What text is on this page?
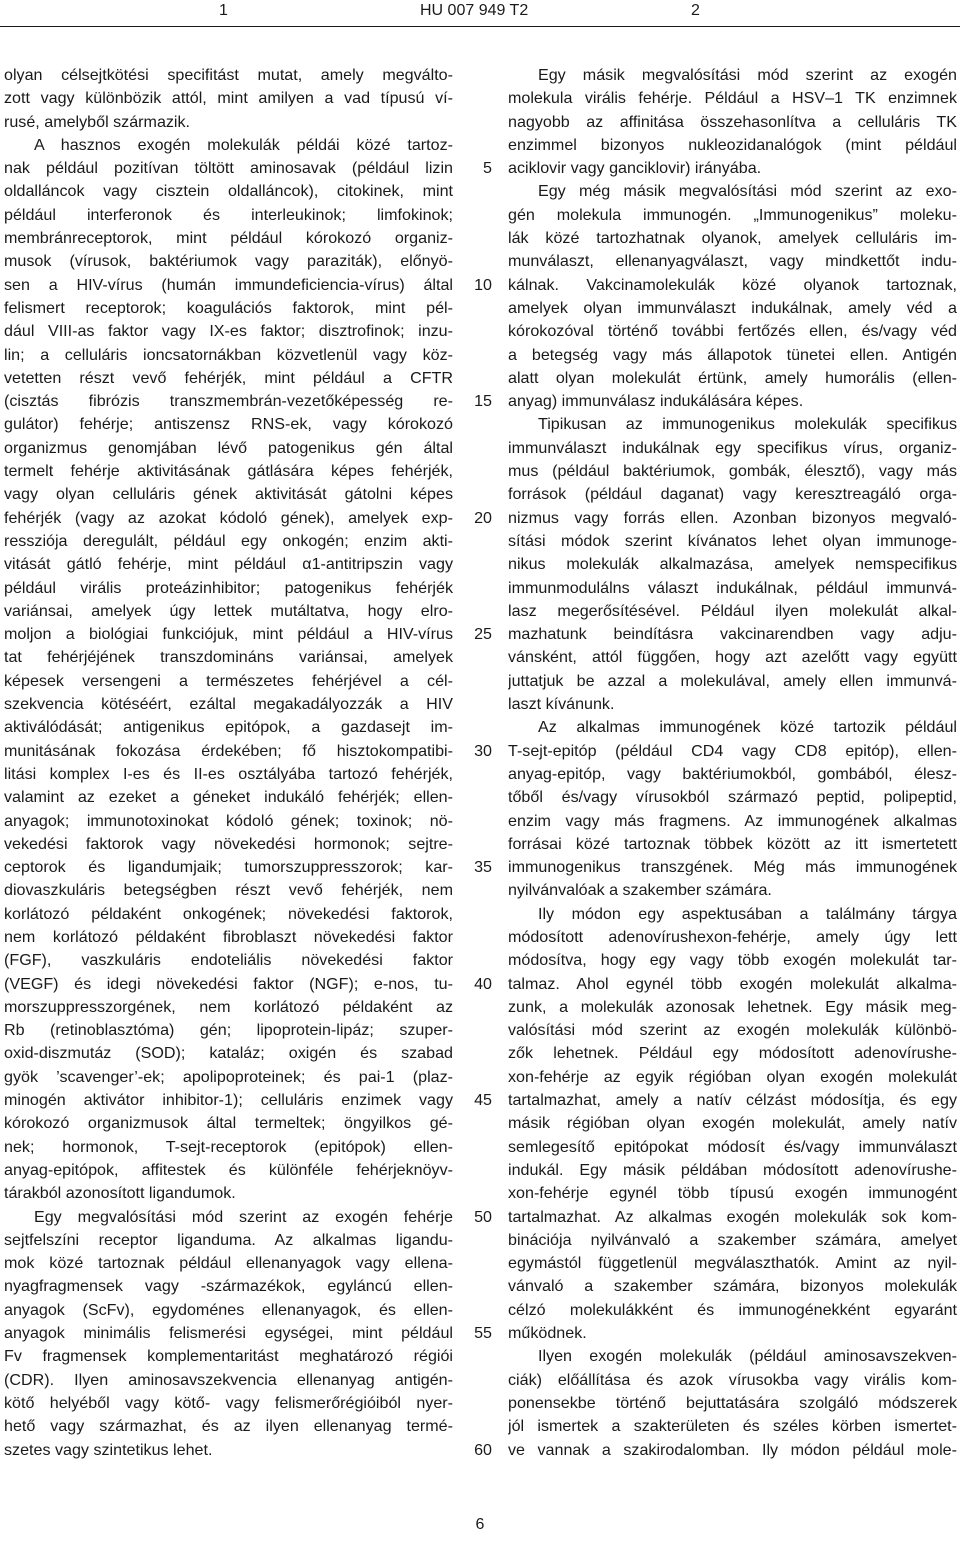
1	HU 007 949 T2	2
olyan célsejtkötési specifitást mutat, amely megválto-
zott vagy különbözik attól, mint amilyen a vad típusú ví-
rusé, amelyből származik.
A hasznos exogén molekulák példái közé tartoz-
nak például pozitívan töltött aminosavak (például lizin
oldalláncok vagy cisztein oldalláncok), citokinek, mint
például interferonok és interleukinok; limfokinok;
membránreceptorok, mint például kórokozó organiz-
musok (vírusok, baktériumok vagy paraziták), előnyö-
sen a HIV-vírus (humán immundeficiencia-vírus) által
felismert receptorok; koagulációs faktorok, mint pél-
dául VIII-as faktor vagy IX-es faktor; disztrofinok; inzu-
lin; a celluláris ioncsatornákban közvetlenül vagy köz-
vetetten részt vevő fehérjék, mint például a CFTR
(cisztás fibrózis transzmembrán-vezetőképesség re-
gulátor) fehérje; antiszensz RNS-ek, vagy kórokozó
organizmus genomjában lévő patogenikus gén által
termelt fehérje aktivitásának gátlására képes fehérjék,
vagy olyan celluláris gének aktivitását gátolni képes
fehérjék (vagy az azokat kódoló gének), amelyek exp-
ressziója deregulált, például egy onkogén; enzim akti-
vitását gátló fehérje, mint például α1-antitripszin vagy
például virális proteázinhibitor; patogenikus fehérjék
variánsai, amelyek úgy lettek mutáltatva, hogy elro-
moljon a biológiai funkciójuk, mint például a HIV-vírus
tat fehérjéjének transzdomináns variánsai, amelyek
képesek versengeni a természetes fehérjével a cél-
szekvencia kötéséért, ezáltal megakadályozzák a HIV
aktiválódását; antigenikus epitópok, a gazdasejt im-
munitásának fokozása érdekében; fő hisztokompatibi-
litási komplex I-es és II-es osztályába tartozó fehérjék,
valamint az ezeket a géneket indukáló fehérjék; ellen-
anyagok; immunotoxinokat kódoló gének; toxinok; nö-
vekedési faktorok vagy növekedési hormonok; sejtre-
ceptorok és ligandumjaik; tumorszuppresszorok; kar-
diovaszkuláris betegségben részt vevő fehérjék, nem
korlátozó példaként onkogének; növekedési faktorok,
nem korlátozó példaként fibroblaszt növekedési faktor
(FGF), vaszkuláris endoteliális növekedési faktor
(VEGF) és idegi növekedési faktor (NGF); e-nos, tu-
morszuppresszorgének, nem korlátozó példaként az
Rb (retinoblasztóma) gén; lipoprotein-lipáz; szuper-
oxid-diszmutáz (SOD); kataláz; oxigén és szabad
gyök ’scavenger’-ek; apolipoproteinek; és pai-1 (plaz-
minogén aktivátor inhibitor-1); celluláris enzimek vagy
kórokozó organizmusok által termeltek; öngyilkos gé-
nek; hormonok, T-sejt-receptorok (epitópok) ellen-
anyag-epitópok, affitestek és különféle fehérjeknöyv-
tárakból azonosított ligandumok.
Egy megvalósítási mód szerint az exogén fehérje
sejtfelszíni receptor liganduma. Az alkalmas ligandu-
mok közé tartoznak például ellenanyagok vagy ellena-
nyagfragmensek vagy -származékok, egyláncú ellen-
anyagok (ScFv), egydoménes ellenanyagok, és ellen-
anyagok minimális felismerési egységei, mint például
Fv fragmensek komplementaritást meghatározó régiói
(CDR). Ilyen aminosavszekvencia ellenanyag antigén-
kötő helyéből vagy kötő- vagy felismerőrégióiból nyer-
hető vagy származhat, és az ilyen ellenanyag termé-
szetes vagy szintetikus lehet.
5
10
15
20
25
30
35
40
45
50
55
60
Egy másik megvalósítási mód szerint az exogén
molekula virális fehérje. Például a HSV–1 TK enzimnek
nagyobb az affinitása összehasonlítva a celluláris TK
enzimmel bizonyos nukleozidanalógok (mint például
aciklovir vagy ganciklovir) irányába.
Egy még másik megvalósítási mód szerint az exo-
gén molekula immunogén. „Immunogenikus” moleku-
lák közé tartozhatnak olyanok, amelyek celluláris im-
munválaszt, ellenanyagválaszt, vagy mindkettőt indu-
kálnak. Vakcinamolekulák közé olyanok tartoznak,
amelyek olyan immunválaszt indukálnak, amely véd a
kórokozóval történő további fertőzés ellen, és/vagy véd
a betegség vagy más állapotok tünetei ellen. Antigén
alatt olyan molekulát értünk, amely humorális (ellen-
anyag) immunválasz indukálására képes.
Tipikusan az immunogenikus molekulák specifikus
immunválaszt indukálnak egy specifikus vírus, organiz-
mus (például baktériumok, gombák, élesztő), vagy más
források (például daganat) vagy keresztreagáló orga-
nizmus vagy forrás ellen. Azonban bizonyos megvaló-
sítási módok szerint kívánatos lehet olyan immunoge-
nikus molekulák alkalmazása, amelyek nemspecifikus
immunmodulálns választ indukálnak, például immunvá-
lasz megerősítésével. Például ilyen molekulát alkal-
mazhatunk beindításra vakcinarendben vagy adju-
vánsként, attól függően, hogy azt azelőtt vagy együtt
juttatjuk be azzal a molekulával, amely ellen immunvá-
laszt kívánunk.
Az alkalmas immunogének közé tartozik például
T-sejt-epitóp (például CD4 vagy CD8 epitóp), ellen-
anyag-epitóp, vagy baktériumokból, gombából, élesz-
tőből és/vagy vírusokból származó peptid, polipeptid,
enzim vagy más fragmens. Az immunogének alkalmas
forrásai közé tartoznak többek között az itt ismertetett
immunogenikus transzgének. Még más immunogének
nyilvánvalóak a szakember számára.
Ily módon egy aspektusában a találmány tárgya
módosított adenovírushexon-fehérje, amely úgy lett
módosítva, hogy egy vagy több exogén molekulát tar-
talmaz. Ahol egynél több exogén molekulát alkalma-
zunk, a molekulák azonosak lehetnek. Egy másik meg-
valósítási mód szerint az exogén molekulák különbö-
zők lehetnek. Például egy módosított adenovírushe-
xon-fehérje az egyik régióban olyan exogén molekulát
tartalmazhat, amely a natív célzást módosítja, és egy
másik régióban olyan exogén molekulát, amely natív
semlegesítő epitópokat módosít és/vagy immunválaszt
indukál. Egy másik példában módosított adenovírushe-
xon-fehérje egynél több típusú exogén immunogént
tartalmazhat. Az alkalmas exogén molekulák sok kom-
binációja nyilvánvaló a szakember számára, amelyet
egymástól függetlenül megválaszthatók. Amint az nyil-
vánvaló a szakember számára, bizonyos molekulák
célzó molekulákként és immunogénekként egyaránt
működnek.
Ilyen exogén molekulák (például aminosavszekven-
ciák) előállítása és azok vírusokba vagy virális kom-
ponensekbe történő bejuttatására szolgáló módszerek
jól ismertek a szakterületen és széles körben ismertet-
ve vannak a szakirodalomban. Ily módon például mole-
6
